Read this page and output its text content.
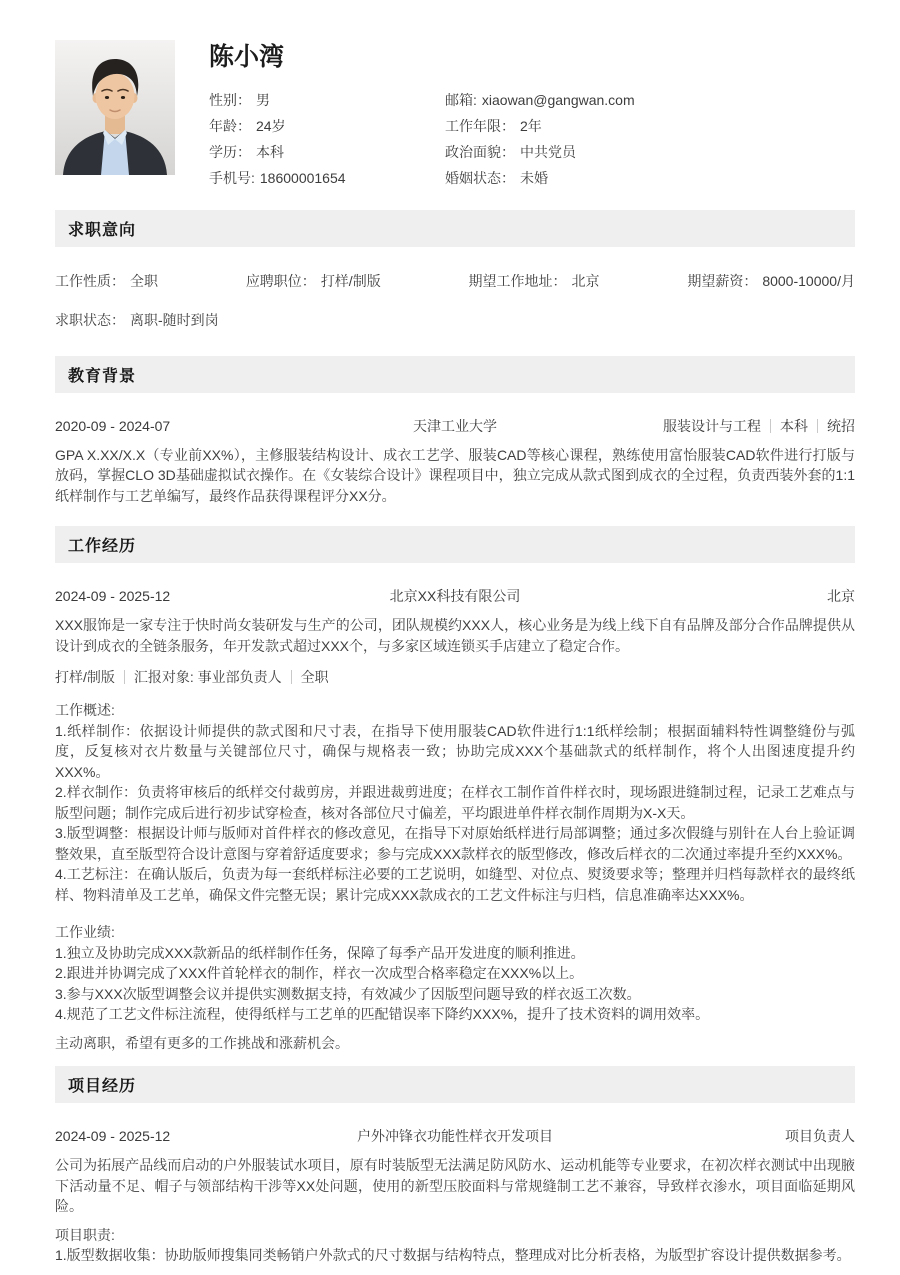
陈小湾
性别： 男	邮箱: xiaowan@gangwan.com
年龄： 24岁	工作年限： 2年
学历： 本科	政治面貌： 中共党员
手机号: 18600001654	婚姻状态： 未婚
求职意向
工作性质： 全职	应聘职位： 打样/制版	期望工作地址： 北京	期望薪资： 8000-10000/月
求职状态： 离职-随时到岗
教育背景
2020-09 - 2024-07	天津工业大学	服装设计与工程 本科 统招

GPA X.XX/X.X（专业前XX%），主修服装结构设计、成衣工艺学、服装CAD等核心课程，熟练使用富怡服装CAD软件进行打版与放码，掌握CLO 3D基础虚拟试衣操作。在《女装综合设计》课程项目中，独立完成从款式图到成衣的全过程，负责西装外套的1:1纸样制作与工艺单编写，最终作品获得课程评分XX分。

工作经历
2024-09 - 2025-12	北京XX科技有限公司	北京

XXX服饰是一家专注于快时尚女装研发与生产的公司，团队规模约XXX人，核心业务是为线上线下自有品牌及部分合作品牌提供从设计到成衣的全链条服务，年开发款式超过XXX个，与多家区域连锁买手店建立了稳定合作。

打样/制版 汇报对象: 事业部负责人 全职
工作概述:
1.纸样制作：依据设计师提供的款式图和尺寸表，在指导下使用服装CAD软件进行1:1纸样绘制；根据面辅料特性调整缝份与弧度，反复核对衣片数量与关键部位尺寸，确保与规格表一致；协助完成XXX个基础款式的纸样制作，将个人出图速度提升约XXX%。
2.样衣制作：负责将审核后的纸样交付裁剪房，并跟进裁剪进度；在样衣工制作首件样衣时，现场跟进缝制过程，记录工艺难点与版型问题；制作完成后进行初步试穿检查，核对各部位尺寸偏差，平均跟进单件样衣制作周期为X-X天。
3.版型调整：根据设计师与版师对首件样衣的修改意见，在指导下对原始纸样进行局部调整；通过多次假缝与别针在人台上验证调整效果，直至版型符合设计意图与穿着舒适度要求；参与完成XXX款样衣的版型修改，修改后样衣的二次通过率提升至约XXX%。
4.工艺标注：在确认版后，负责为每一套纸样标注必要的工艺说明，如缝型、对位点、熨烫要求等；整理并归档每款样衣的最终纸样、物料清单及工艺单，确保文件完整无误；累计完成XXX款成衣的工艺文件标注与归档，信息准确率达XXX%。
工作业绩:
1.独立及协助完成XXX款新品的纸样制作任务，保障了每季产品开发进度的顺利推进。
2.跟进并协调完成了XXX件首轮样衣的制作，样衣一次成型合格率稳定在XXX%以上。
3.参与XXX次版型调整会议并提供实测数据支持，有效减少了因版型问题导致的样衣返工次数。
4.规范了工艺文件标注流程，使得纸样与工艺单的匹配错误率下降约XXX%，提升了技术资料的调用效率。

主动离职，希望有更多的工作挑战和涨薪机会。

项目经历
2024-09 - 2025-12	户外冲锋衣功能性样衣开发项目	项目负责人

公司为拓展产品线而启动的户外服装试水项目，原有时装版型无法满足防风防水、运动机能等专业要求，在初次样衣测试中出现腋下活动量不足、帽子与领部结构干涉等XX处问题，使用的新型压胶面料与常规缝制工艺不兼容，导致样衣渗水，项目面临延期风险。

项目职责:
1.版型数据收集：协助版师搜集同类畅销户外款式的尺寸数据与结构特点，整理成对比分析表格，为版型扩容设计提供数据参考。
